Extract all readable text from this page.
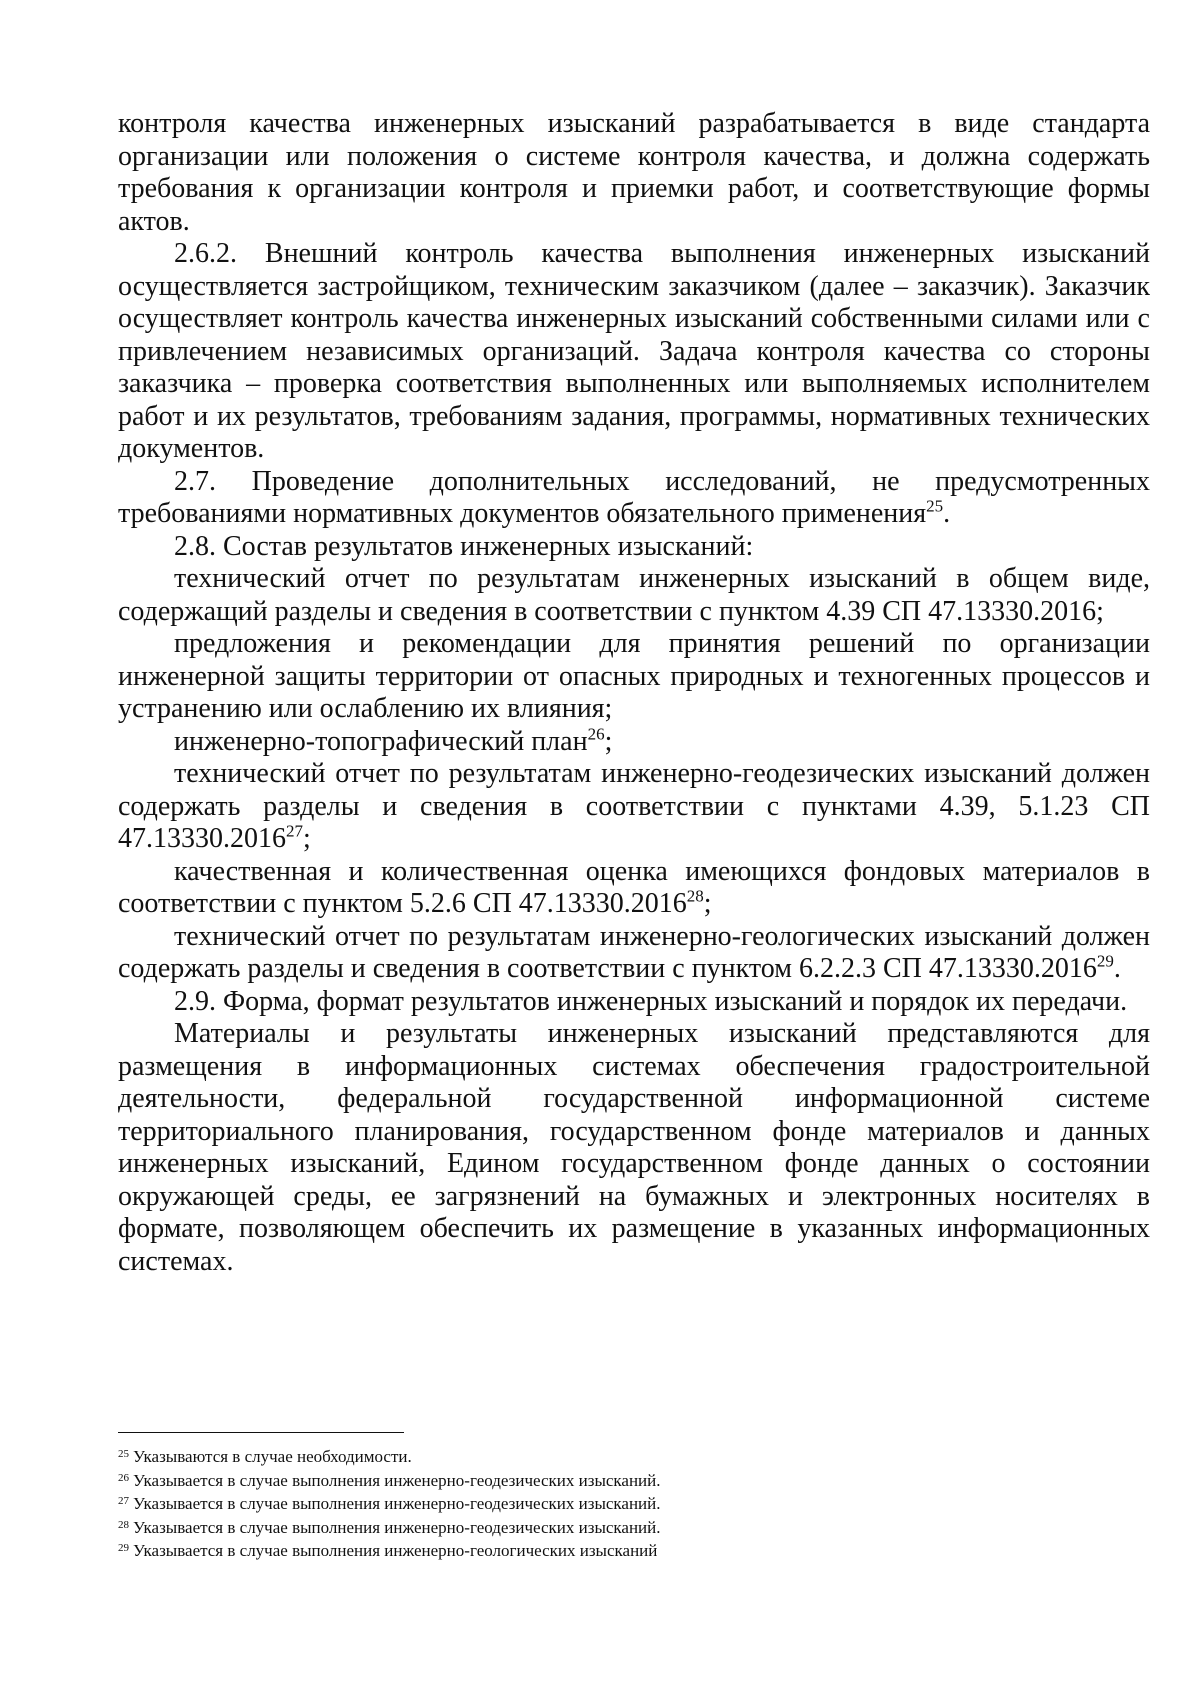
контроля качества инженерных изысканий разрабатывается в виде стандарта организации или положения о системе контроля качества, и должна содержать требования к организации контроля и приемки работ, и соответствующие формы актов.

2.6.2. Внешний контроль качества выполнения инженерных изысканий осуществляется застройщиком, техническим заказчиком (далее – заказчик). Заказчик осуществляет контроль качества инженерных изысканий собственными силами или с привлечением независимых организаций. Задача контроля качества со стороны заказчика – проверка соответствия выполненных или выполняемых исполнителем работ и их результатов, требованиям задания, программы, нормативных технических документов.

2.7. Проведение дополнительных исследований, не предусмотренных требованиями нормативных документов обязательного применения$^{25}$.

2.8. Состав результатов инженерных изысканий:

технический отчет по результатам инженерных изысканий в общем виде, содержащий разделы и сведения в соответствии с пунктом 4.39 СП 47.13330.2016;

предложения и рекомендации для принятия решений по организации инженерной защиты территории от опасных природных и техногенных процессов и устранению или ослаблению их влияния;

инженерно-топографический план$^{26}$;

технический отчет по результатам инженерно-геодезических изысканий должен содержать разделы и сведения в соответствии с пунктами 4.39, 5.1.23 СП 47.13330.2016$^{27}$;

качественная и количественная оценка имеющихся фондовых материалов в соответствии с пунктом 5.2.6 СП 47.13330.2016$^{28}$;

технический отчет по результатам инженерно-геологических изысканий должен содержать разделы и сведения в соответствии с пунктом 6.2.2.3 СП 47.13330.2016$^{29}$.

2.9. Форма, формат результатов инженерных изысканий и порядок их передачи.

Материалы и результаты инженерных изысканий представляются для размещения в информационных системах обеспечения градостроительной деятельности, федеральной государственной информационной системе территориального планирования, государственном фонде материалов и данных инженерных изысканий, Едином государственном фонде данных о состоянии окружающей среды, ее загрязнений на бумажных и электронных носителях в формате, позволяющем обеспечить их размещение в указанных информационных системах.

$^{25}$ Указываются в случае необходимости.

$^{26}$ Указывается в случае выполнения инженерно-геодезических изысканий.

$^{27}$ Указывается в случае выполнения инженерно-геодезических изысканий.

$^{28}$ Указывается в случае выполнения инженерно-геодезических изысканий.

$^{29}$ Указывается в случае выполнения инженерно-геологических изысканий
